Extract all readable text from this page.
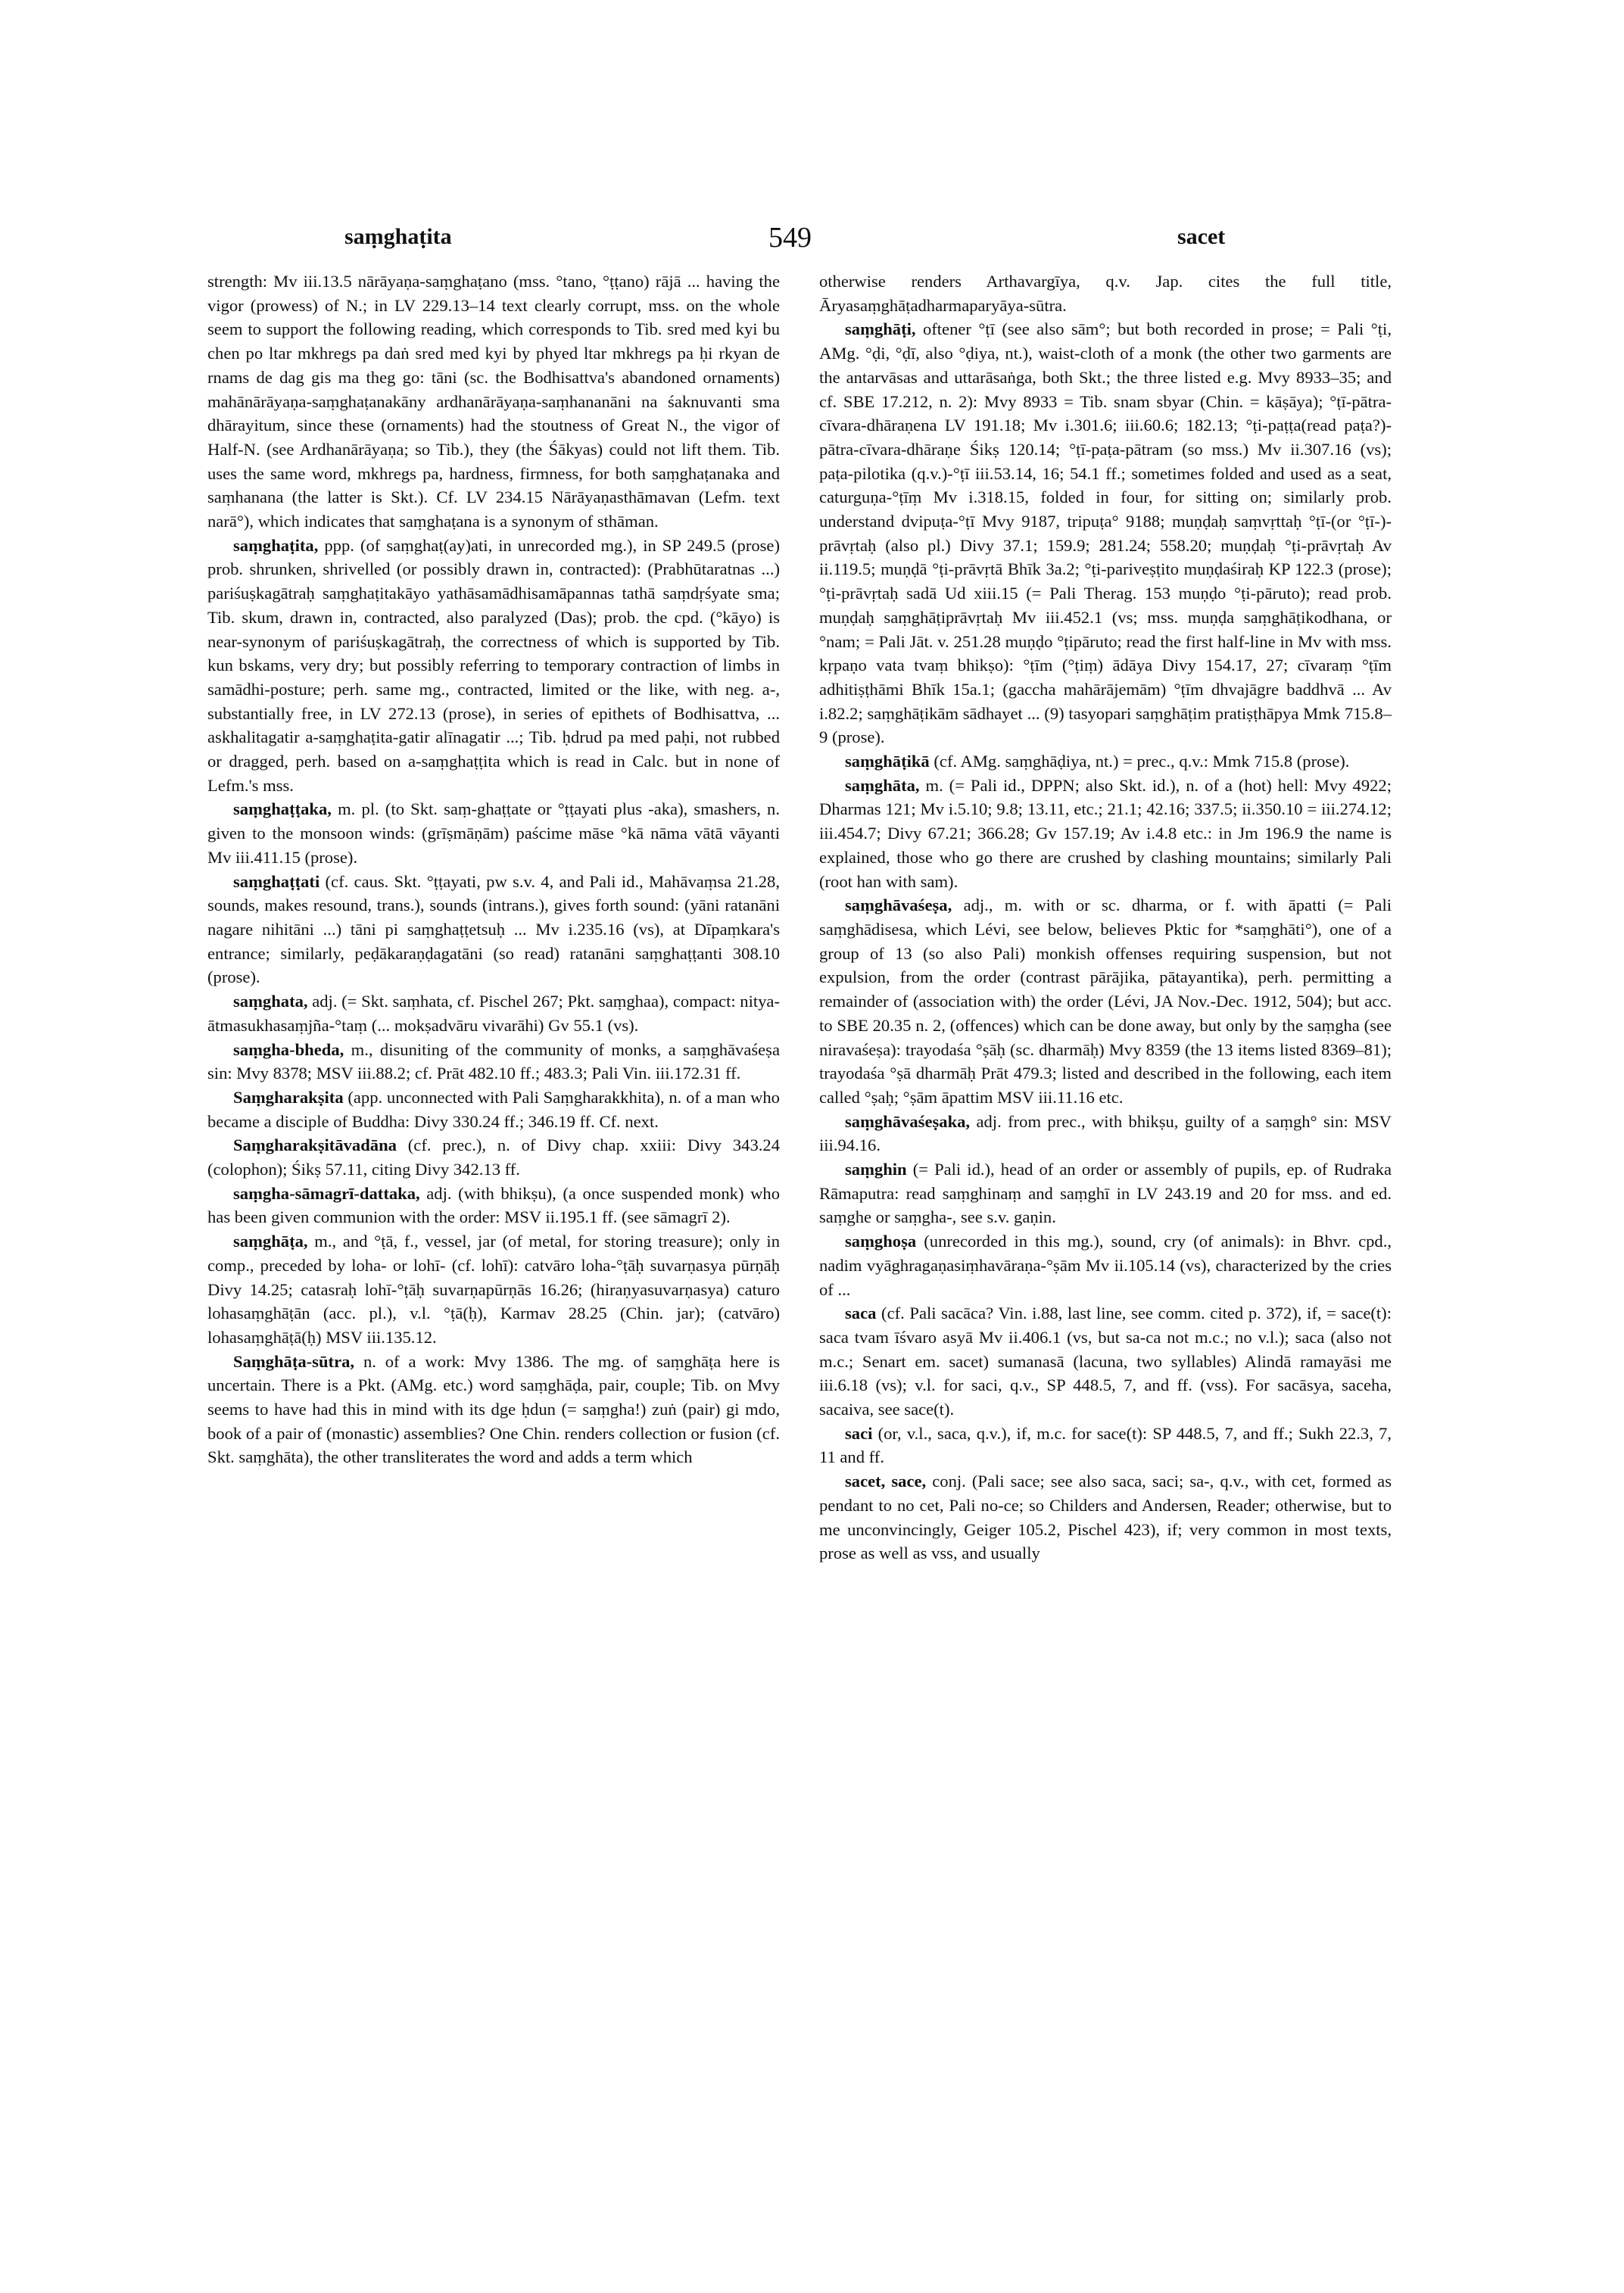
saṃghaṭita	549	sacet

strength: Mv iii.13.5 nārāyaṇa-saṃghaṭano (mss. °tano, °ṭṭano) rājā ... having the vigor (prowess) of N.; in LV 229.13–14 text clearly corrupt, mss. on the whole seem to support the following reading, which corresponds to Tib. sred med kyi bu chen po ltar mkhregs pa daṅ sred med kyi by phyed ltar mkhregs pa ḥi rkyan de rnams de dag gis ma theg go: tāni (sc. the Bodhisattva's abandoned ornaments) mahānārāyaṇa-saṃghaṭanakāny ardhanārāyaṇa-saṃhananāni na śaknuvanti sma dhārayitum, since these (ornaments) had the stoutness of Great N., the vigor of Half-N. (see Ardhanārāyaṇa; so Tib.), they (the Śākyas) could not lift them. Tib. uses the same word, mkhregs pa, hardness, firmness, for both saṃghaṭanaka and saṃhanana (the latter is Skt.). Cf. LV 234.15 Nārāyaṇasthāmavan (Lefm. text narā°), which indicates that saṃghaṭana is a synonym of sthāman.

saṃghaṭita, ppp. (of saṃghaṭ(ay)ati, in unrecorded mg.), in SP 249.5 (prose) prob. shrunken, shrivelled (or possibly drawn in, contracted): (Prabhūtaratnas ...) pariśuṣkagātraḥ saṃghaṭitakāyo yathāsamādhisamāpannas tathā saṃdṛśyate sma; Tib. skum, drawn in, contracted, also paralyzed (Das); prob. the cpd. (°kāyo) is near-synonym of pariśuṣkagātraḥ, the correctness of which is supported by Tib. kun bskams, very dry; but possibly referring to temporary contraction of limbs in samādhi-posture; perh. same mg., contracted, limited or the like, with neg. a-, substantially free, in LV 272.13 (prose), in series of epithets of Bodhisattva, ... askhalitagatir a-saṃghaṭita-gatir alīnagatir ...; Tib. ḥdrud pa med paḥi, not rubbed or dragged, perh. based on a-saṃghaṭṭita which is read in Calc. but in none of Lefm.'s mss.

saṃghaṭṭaka, m. pl. (to Skt. saṃ-ghaṭṭate or °ṭṭayati plus -aka), smashers, n. given to the monsoon winds: (grīṣmāṇām) paścime māse °kā nāma vātā vāyanti Mv iii.411.15 (prose).

saṃghaṭṭati (cf. caus. Skt. °ṭṭayati, pw s.v. 4, and Pali id., Mahāvaṃsa 21.28, sounds, makes resound, trans.), sounds (intrans.), gives forth sound: (yāni ratanāni nagare nihitāni ...) tāni pi saṃghaṭṭetsuḥ ... Mv i.235.16 (vs), at Dīpaṃkara's entrance; similarly, peḍākaraṇḍagatāni (so read) ratanāni saṃghaṭṭanti 308.10 (prose).

saṃghata, adj. (= Skt. saṃhata, cf. Pischel 267; Pkt. saṃghaa), compact: nitya-ātmasukhasaṃjña-°taṃ (... mokṣadvāru vivarāhi) Gv 55.1 (vs).

saṃgha-bheda, m., disuniting of the community of monks, a saṃghāvaśeṣa sin: Mvy 8378; MSV iii.88.2; cf. Prāt 482.10 ff.; 483.3; Pali Vin. iii.172.31 ff.

Saṃgharakṣita (app. unconnected with Pali Saṃgharakkhita), n. of a man who became a disciple of Buddha: Divy 330.24 ff.; 346.19 ff. Cf. next.

Saṃgharakṣitāvadāna (cf. prec.), n. of Divy chap. xxiii: Divy 343.24 (colophon); Śikṣ 57.11, citing Divy 342.13 ff.

saṃgha-sāmagrī-dattaka, adj. (with bhikṣu), (a once suspended monk) who has been given communion with the order: MSV ii.195.1 ff. (see sāmagrī 2).

saṃghāṭa, m., and °ṭā, f., vessel, jar (of metal, for storing treasure); only in comp., preceded by loha- or lohī- (cf. lohī): catvāro loha-°ṭāḥ suvarṇasya pūrṇāḥ Divy 14.25; catasraḥ lohī-°ṭāḥ suvarṇapūrṇās 16.26; (hiraṇyasuvarṇasya) caturo lohasaṃghāṭān (acc. pl.), v.l. °ṭā(ḥ), Karmav 28.25 (Chin. jar); (catvāro) lohasaṃghāṭā(ḥ) MSV iii.135.12.

Saṃghāṭa-sūtra, n. of a work: Mvy 1386. The mg. of saṃghāṭa here is uncertain. There is a Pkt. (AMg. etc.) word saṃghāḍa, pair, couple; Tib. on Mvy seems to have had this in mind with its dge ḥdun (= saṃgha!) zuṅ (pair) gi mdo, book of a pair of (monastic) assemblies? One Chin. renders collection or fusion (cf. Skt. saṃghāta), the other transliterates the word and adds a term which

otherwise renders Arthavargīya, q.v. Jap. cites the full title, Āryasaṃghāṭadharmaparyāya-sūtra.

saṃghāṭi, oftener °ṭī (see also sām°; but both recorded in prose; = Pali °ṭi, AMg. °ḍi, °ḍī, also °ḍiya, nt.), waist-cloth of a monk (the other two garments are the antarvāsas and uttarāsaṅga, both Skt.; the three listed e.g. Mvy 8933–35; and cf. SBE 17.212, n. 2): Mvy 8933 = Tib. snam sbyar (Chin. = kāṣāya); °ṭī-pātra-cīvara-dhāraṇena LV 191.18; Mv i.301.6; iii.60.6; 182.13; °ṭi-paṭṭa(read paṭa?)-pātra-cīvara-dhāraṇe Śikṣ 120.14; °ṭī-paṭa-pātram (so mss.) Mv ii.307.16 (vs); paṭa-pilotika (q.v.)-°ṭī iii.53.14, 16; 54.1 ff.; sometimes folded and used as a seat, caturguṇa-°ṭīṃ Mv i.318.15, folded in four, for sitting on; similarly prob. understand dvipuṭa-°ṭī Mvy 9187, tripuṭa° 9188; muṇḍaḥ saṃvṛttaḥ °ṭī-(or °ṭī-)-prāvṛtaḥ (also pl.) Divy 37.1; 159.9; 281.24; 558.20; muṇḍaḥ °ṭi-prāvṛtaḥ Av ii.119.5; muṇḍā °ṭi-prāvṛtā Bhīk 3a.2; °ṭi-pariveṣṭito muṇḍaśiraḥ KP 122.3 (prose); °ṭi-prāvṛtaḥ sadā Ud xiii.15 (= Pali Therag. 153 muṇḍo °ṭi-pāruto); read prob. muṇḍaḥ saṃghāṭiprāvṛtaḥ Mv iii.452.1 (vs; mss. muṇḍa saṃghāṭikodhana, or °nam; = Pali Jāt. v. 251.28 muṇḍo °ṭipāruto; read the first half-line in Mv with mss. kṛpaṇo vata tvaṃ bhikṣo): °ṭīm (°ṭiṃ) ādāya Divy 154.17, 27; cīvaraṃ °ṭīm adhitiṣṭhāmi Bhīk 15a.1; (gaccha mahārājemām) °ṭīm dhvajāgre baddhvā ... Av i.82.2; saṃghāṭikām sādhayet ... (9) tasyopari saṃghāṭim pratiṣṭhāpya Mmk 715.8–9 (prose).

saṃghāṭikā (cf. AMg. saṃghāḍiya, nt.) = prec., q.v.: Mmk 715.8 (prose).

saṃghāta, m. (= Pali id., DPPN; also Skt. id.), n. of a (hot) hell: Mvy 4922; Dharmas 121; Mv i.5.10; 9.8; 13.11, etc.; 21.1; 42.16; 337.5; ii.350.10 = iii.274.12; iii.454.7; Divy 67.21; 366.28; Gv 157.19; Av i.4.8 etc.: in Jm 196.9 the name is explained, those who go there are crushed by clashing mountains; similarly Pali (root han with sam).

saṃghāvaśeṣa, adj., m. with or sc. dharma, or f. with āpatti (= Pali saṃghādisesa, which Lévi, see below, believes Pktic for *saṃghāti°), one of a group of 13 (so also Pali) monkish offenses requiring suspension, but not expulsion, from the order (contrast pārājika, pātayantika), perh. permitting a remainder of (association with) the order (Lévi, JA Nov.-Dec. 1912, 504); but acc. to SBE 20.35 n. 2, (offences) which can be done away, but only by the saṃgha (see niravaśeṣa): trayodaśa °ṣāḥ (sc. dharmāḥ) Mvy 8359 (the 13 items listed 8369–81); trayodaśa °ṣā dharmāḥ Prāt 479.3; listed and described in the following, each item called °ṣaḥ; °ṣām āpattim MSV iii.11.16 etc.

saṃghāvaśeṣaka, adj. from prec., with bhikṣu, guilty of a saṃgh° sin: MSV iii.94.16.

saṃghin (= Pali id.), head of an order or assembly of pupils, ep. of Rudraka Rāmaputra: read saṃghinaṃ and saṃghī in LV 243.19 and 20 for mss. and ed. saṃghe or saṃgha-, see s.v. gaṇin.

saṃghoṣa (unrecorded in this mg.), sound, cry (of animals): in Bhvr. cpd., nadim vyāghragaṇasiṃhavāraṇa-°ṣām Mv ii.105.14 (vs), characterized by the cries of ...

saca (cf. Pali sacāca? Vin. i.88, last line, see comm. cited p. 372), if, = sace(t): saca tvam īśvaro asyā Mv ii.406.1 (vs, but sa-ca not m.c.; no v.l.); saca (also not m.c.; Senart em. sacet) sumanasā (lacuna, two syllables) Alindā ramayāsi me iii.6.18 (vs); v.l. for saci, q.v., SP 448.5, 7, and ff. (vss). For sacāsya, saceha, sacaiva, see sace(t).

saci (or, v.l., saca, q.v.), if, m.c. for sace(t): SP 448.5, 7, and ff.; Sukh 22.3, 7, 11 and ff.

sacet, sace, conj. (Pali sace; see also saca, saci; sa-, q.v., with cet, formed as pendant to no cet, Pali no-ce; so Childers and Andersen, Reader; otherwise, but to me unconvincingly, Geiger 105.2, Pischel 423), if; very common in most texts, prose as well as vss, and usually
